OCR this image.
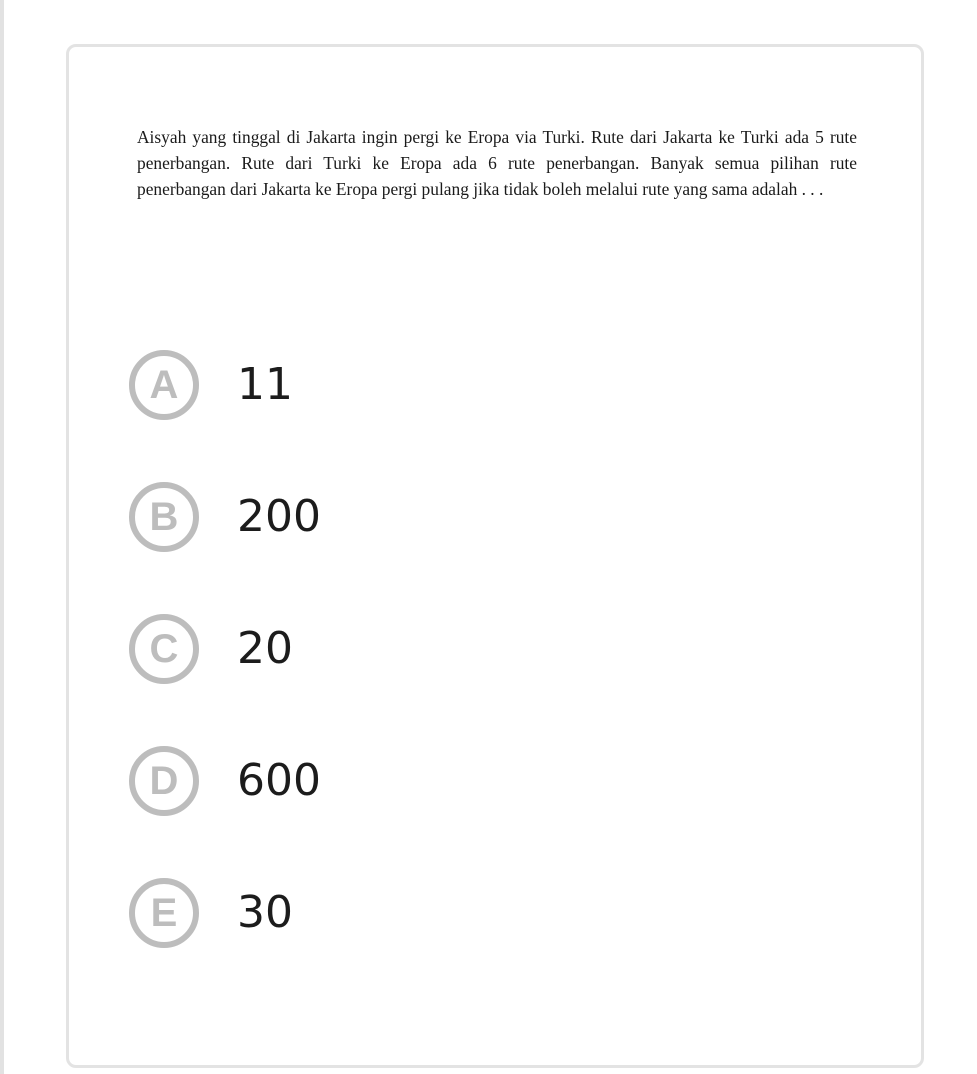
Aisyah yang tinggal di Jakarta ingin pergi ke Eropa via Turki. Rute dari Jakarta ke Turki ada 5 rute penerbangan. Rute dari Turki ke Eropa ada 6 rute penerbangan. Banyak semua pilihan rute penerbangan dari Jakarta ke Eropa pergi pulang jika tidak boleh melalui rute yang sama adalah . . .

A 11
B 200
C 20
D 600
E 30
